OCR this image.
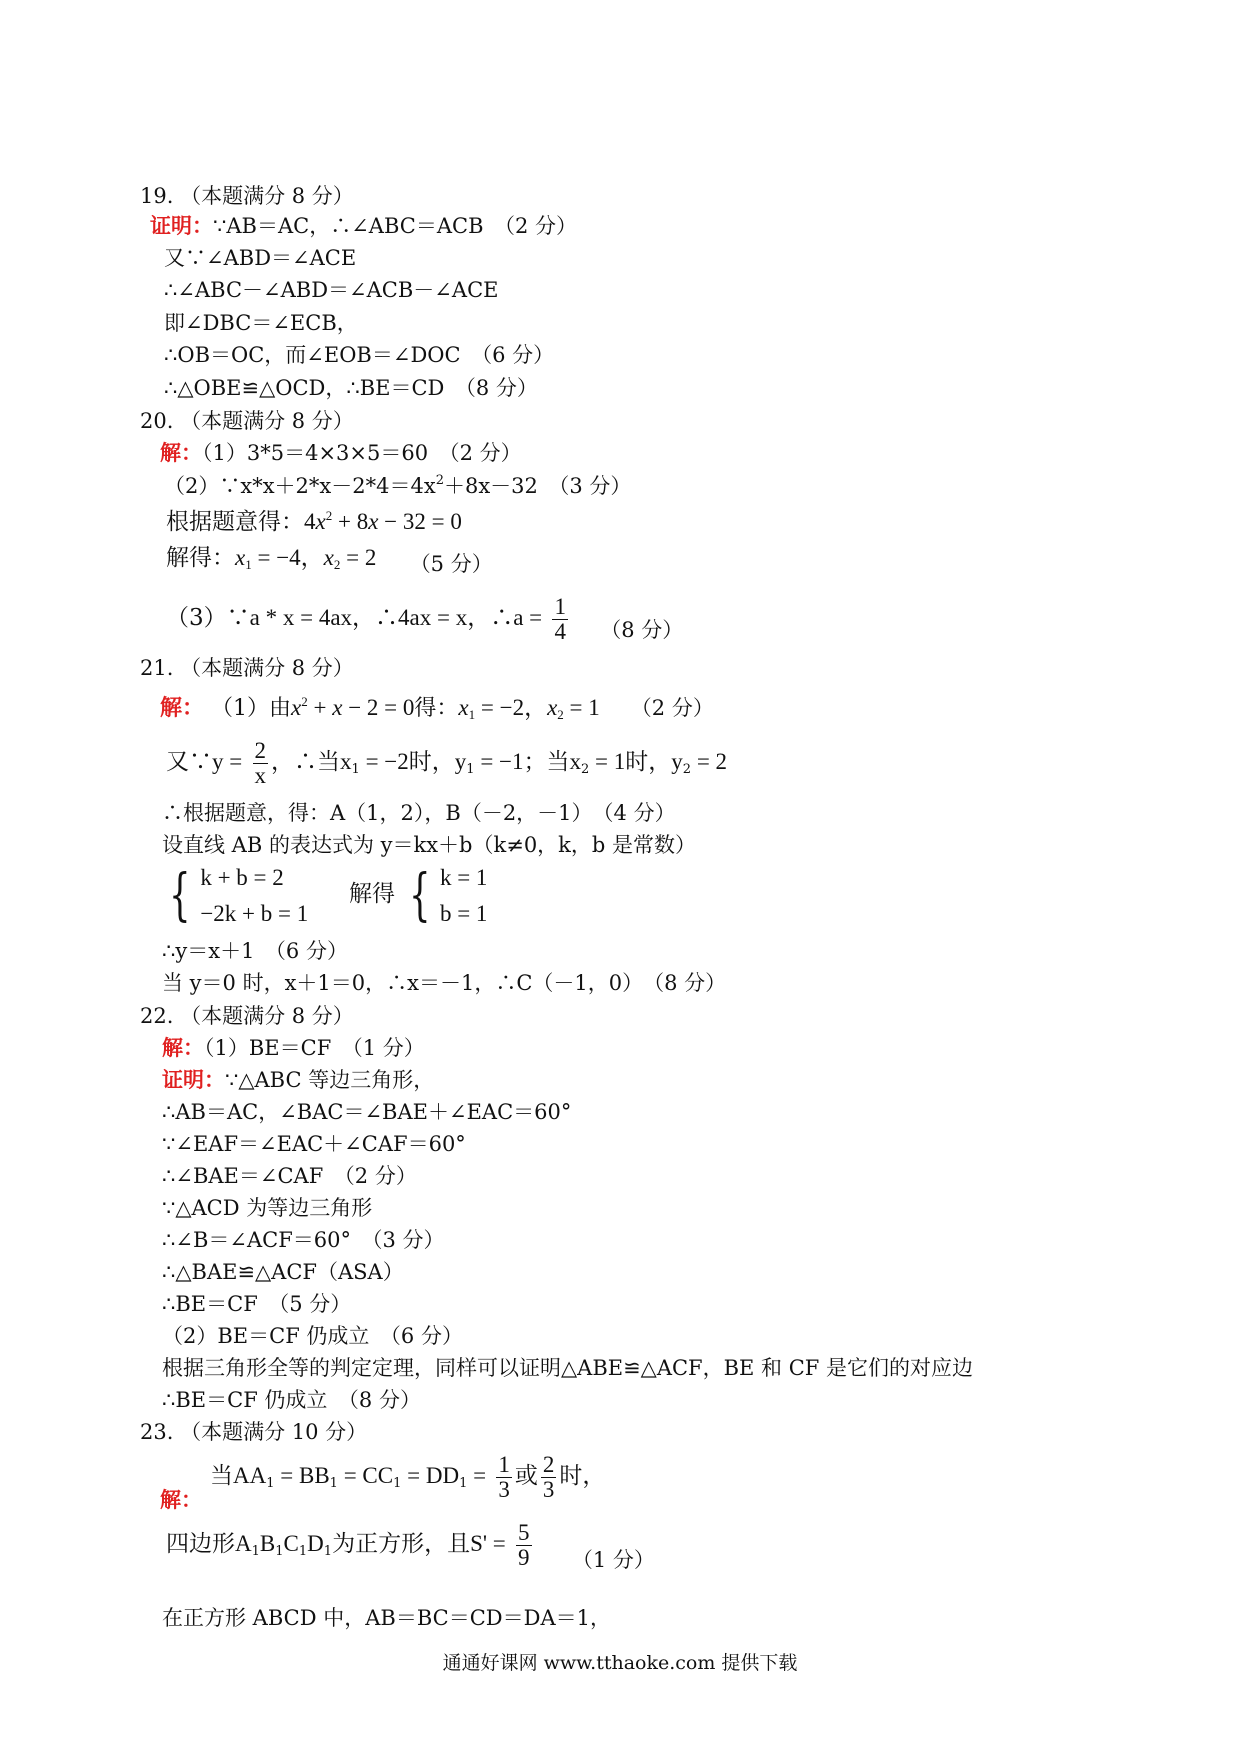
19. （本题满分 8 分）
证明：∵AB＝AC，∴∠ABC＝ACB　（2 分）
又∵∠ABD＝∠ACE
∴∠ABC－∠ABD＝∠ACB－∠ACE
即∠DBC＝∠ECB，
∴OB＝OC，而∠EOB＝∠DOC　（6 分）
∴△OBE≌△OCD，∴BE＝CD　（8 分）
20. （本题满分 8 分）
解：（1）3*5＝4×3×5＝60　（2 分）
$(2)\because x*x+2*x-2*4=4x^2+8x-32$　（3 分）
根据题意得：$4x^2 + 8x - 32 = 0$
解得：$x_1 = -4$，$x_2 = 2$ （5 分）
（3）∵a * x = 4ax，∴4ax = x，∴a = $\frac{1}{4} (8$ 分）
21. （本题满分 8 分）
解： （1）由$x^2 + x - 2 = 0$得：$x_1 = -2$，$x_2 = 1$ （2 分）
又∵y = $\frac{2}{x}$ ，∴当$x_1 = -2$时，$y_1 = -1$；当$x_2 = 1$时，$y_2 = 2$
∴根据题意，得：A（1，2），B（－2，－1）　（4 分）
设直线 AB 的表达式为 y＝kx＋b（k≠0，k，b 是常数）
{ k + b = 2
−2k + b = 1
解得 { k = 1
b = 1
∴y＝x＋1　（6 分）
当 y＝0 时，x＋1＝0，∴x＝－1，∴C（－1，0）　（8 分）
22. （本题满分 8 分）
解：（1）BE＝CF　（1 分）
证明：∵△ABC 等边三角形，
∴AB＝AC，∠BAC＝∠BAE＋∠EAC＝60°
∵∠EAF＝∠EAC＋∠CAF＝60°
∴∠BAE＝∠CAF　（2 分）
∵△ACD 为等边三角形
∴∠B＝∠ACF＝60°　（3 分）
∴△BAE≌△ACF（ASA）
∴BE＝CF　（5 分）
（2）BE＝CF 仍成立　（6 分）
根据三角形全等的判定定理，同样可以证明△ABE≌△ACF，BE 和 CF 是它们的对应边
∴BE＝CF 仍成立　（8 分）
23. （本题满分 10 分）
解：
当$AA_1 = BB_1 = CC_1 = DD_1 = \frac{1}{3}$ 或 $\frac{2}{3}$ 时，
四边形$A_1B_1C_1D_1$为正方形，且$S' = \frac{5}{9} (1$ 分）
在正方形 ABCD 中，AB＝BC＝CD＝DA＝1，
通通好课网 www.tthaoke.com 提供下载
